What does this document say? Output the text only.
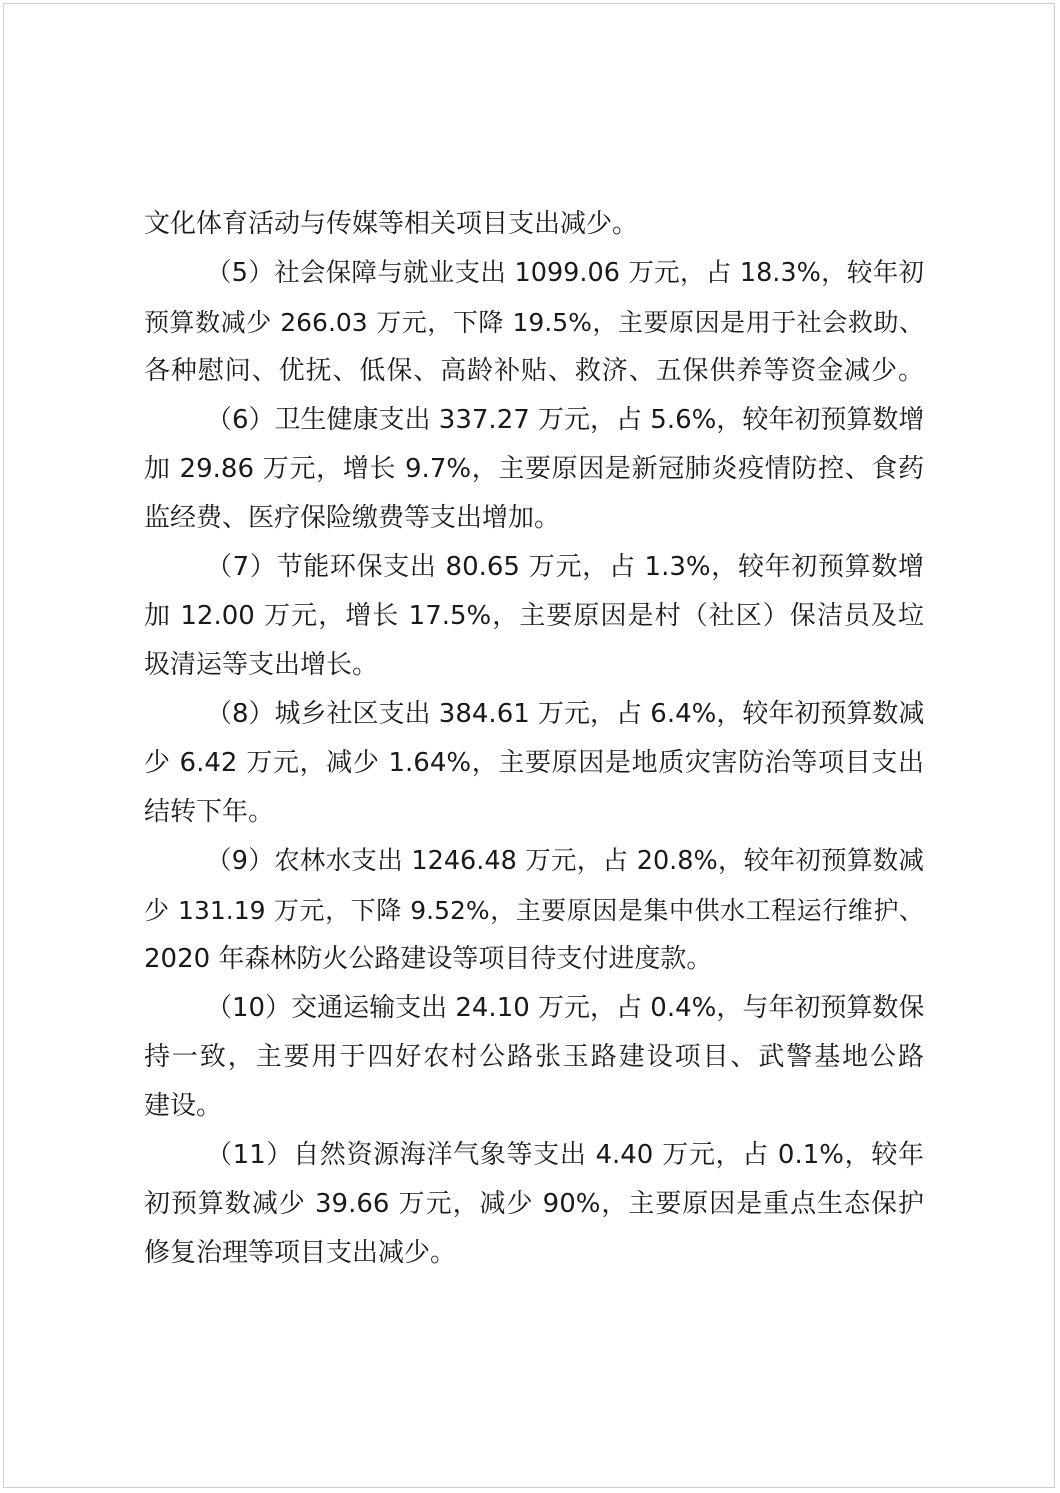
文化体育活动与传媒等相关项目支出减少。
（5）社会保障与就业支出 1099.06 万元，占 18.3%，较年初
预算数减少 266.03 万元，下降 19.5%，主要原因是用于社会救助、
各种慰问、优抚、低保、高龄补贴、救济、五保供养等资金减少。
（6）卫生健康支出 337.27 万元，占 5.6%，较年初预算数增
加 29.86 万元，增长 9.7%，主要原因是新冠肺炎疫情防控、食药
监经费、医疗保险缴费等支出增加。
（7）节能环保支出 80.65 万元，占 1.3%，较年初预算数增
加 12.00 万元，增长 17.5%，主要原因是村（社区）保洁员及垃
圾清运等支出增长。
（8）城乡社区支出 384.61 万元，占 6.4%，较年初预算数减
少 6.42 万元，减少 1.64%，主要原因是地质灾害防治等项目支出
结转下年。
（9）农林水支出 1246.48 万元，占 20.8%，较年初预算数减
少 131.19 万元，下降 9.52%，主要原因是集中供水工程运行维护、
2020 年森林防火公路建设等项目待支付进度款。
（10）交通运输支出 24.10 万元，占 0.4%，与年初预算数保
持一致，主要用于四好农村公路张玉路建设项目、武警基地公路
建设。
（11）自然资源海洋气象等支出 4.40 万元，占 0.1%，较年
初预算数减少 39.66 万元，减少 90%，主要原因是重点生态保护
修复治理等项目支出减少。
